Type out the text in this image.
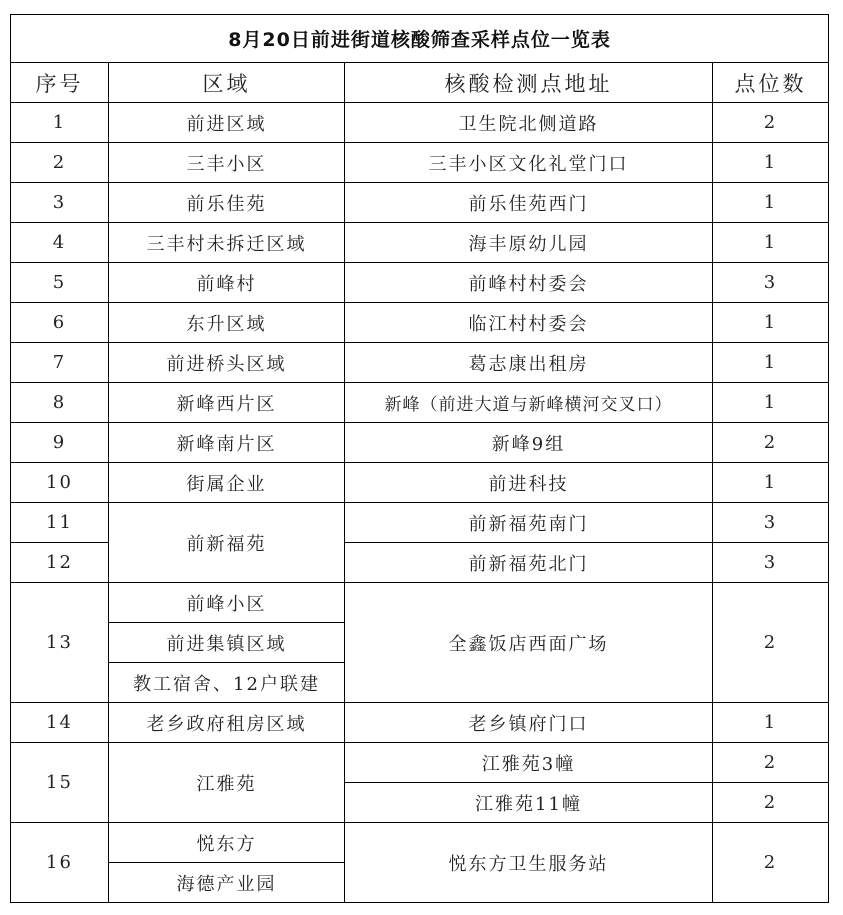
8月20日前进街道核酸筛查采样点位一览表			
序号	区域	核酸检测点地址	点位数
1	前进区域	卫生院北侧道路	2
2	三丰小区	三丰小区文化礼堂门口	1
3	前乐佳苑	前乐佳苑西门	1
4	三丰村未拆迁区域	海丰原幼儿园	1
5	前峰村	前峰村村委会	3
6	东升区域	临江村村委会	1
7	前进桥头区域	葛志康出租房	1
8	新峰西片区	新峰（前进大道与新峰横河交叉口）	1
9	新峰南片区	新峰9组	2
10	街属企业	前进科技	1
11	前新福苑	前新福苑南门	3
12		前新福苑北门	3
13	前峰小区	全鑫饭店西面广场	2
	前进集镇区域		
	教工宿舍、12户联建		
14	老乡政府租房区域	老乡镇府门口	1
15	江雅苑	江雅苑3幢	2
		江雅苑11幢	2
16	悦东方	悦东方卫生服务站	2
	海德产业园		
